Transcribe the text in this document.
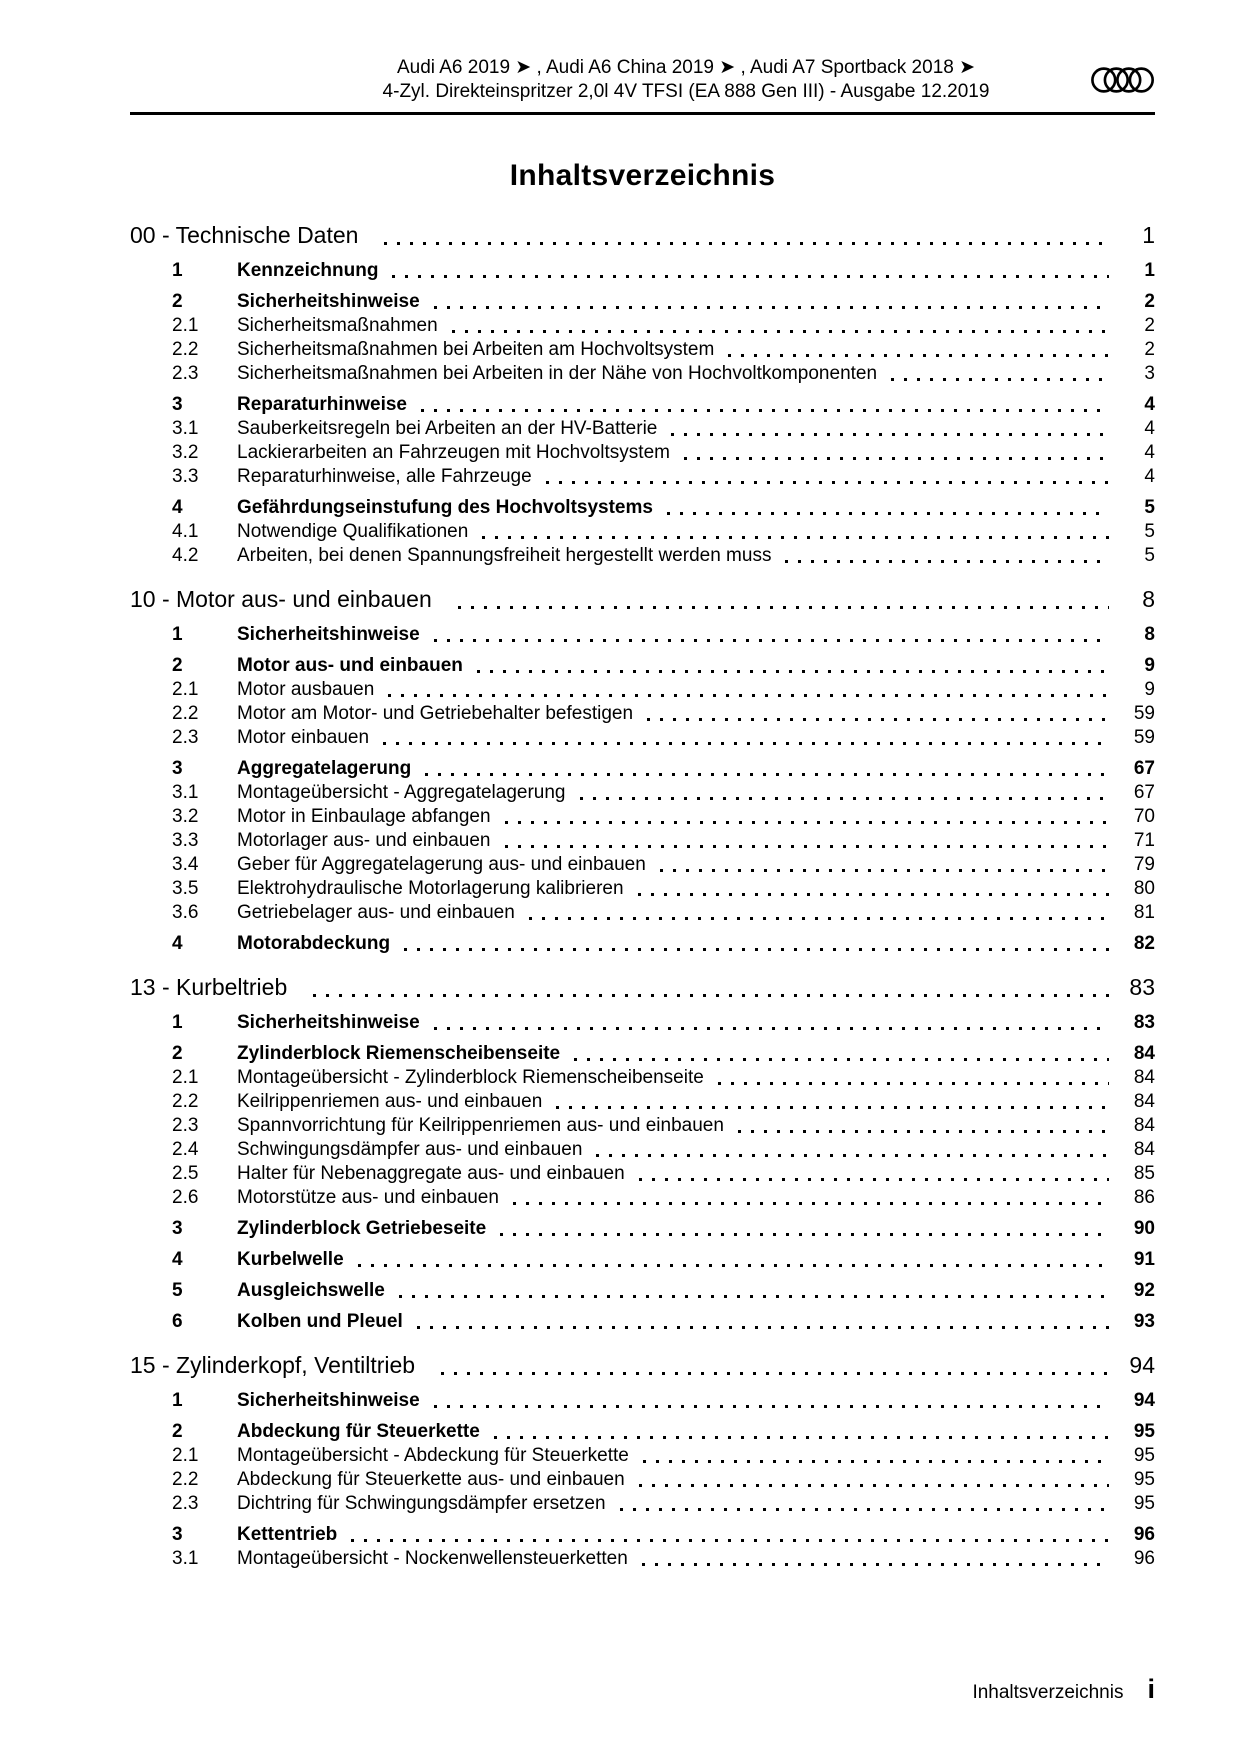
Audi A6 2019 ➤ , Audi A6 China 2019 ➤ , Audi A7 Sportback 2018 ➤
4-Zyl. Direkteinspritzer 2,0l 4V TFSI (EA 888 Gen III) - Ausgabe 12.2019
Inhaltsverzeichnis
00 - Technische Daten	1
1	Kennzeichnung	1
2	Sicherheitshinweise	2
2.1	Sicherheitsmaßnahmen	2
2.2	Sicherheitsmaßnahmen bei Arbeiten am Hochvoltsystem	2
2.3	Sicherheitsmaßnahmen bei Arbeiten in der Nähe von Hochvoltkomponenten	3
3	Reparaturhinweise	4
3.1	Sauberkeitsregeln bei Arbeiten an der HV-Batterie	4
3.2	Lackierarbeiten an Fahrzeugen mit Hochvoltsystem	4
3.3	Reparaturhinweise, alle Fahrzeuge	4
4	Gefährdungseinstufung des Hochvoltsystems	5
4.1	Notwendige Qualifikationen	5
4.2	Arbeiten, bei denen Spannungsfreiheit hergestellt werden muss	5
10 - Motor aus- und einbauen	8
1	Sicherheitshinweise	8
2	Motor aus- und einbauen	9
2.1	Motor ausbauen	9
2.2	Motor am Motor- und Getriebehalter befestigen	59
2.3	Motor einbauen	59
3	Aggregatelagerung	67
3.1	Montageübersicht - Aggregatelagerung	67
3.2	Motor in Einbaulage abfangen	70
3.3	Motorlager aus- und einbauen	71
3.4	Geber für Aggregatelagerung aus- und einbauen	79
3.5	Elektrohydraulische Motorlagerung kalibrieren	80
3.6	Getriebelager aus- und einbauen	81
4	Motorabdeckung	82
13 - Kurbeltrieb	83
1	Sicherheitshinweise	83
2	Zylinderblock Riemenscheibenseite	84
2.1	Montageübersicht - Zylinderblock Riemenscheibenseite	84
2.2	Keilrippenriemen aus- und einbauen	84
2.3	Spannvorrichtung für Keilrippenriemen aus- und einbauen	84
2.4	Schwingungsdämpfer aus- und einbauen	84
2.5	Halter für Nebenaggregate aus- und einbauen	85
2.6	Motorstütze aus- und einbauen	86
3	Zylinderblock Getriebeseite	90
4	Kurbelwelle	91
5	Ausgleichswelle	92
6	Kolben und Pleuel	93
15 - Zylinderkopf, Ventiltrieb	94
1	Sicherheitshinweise	94
2	Abdeckung für Steuerkette	95
2.1	Montageübersicht - Abdeckung für Steuerkette	95
2.2	Abdeckung für Steuerkette aus- und einbauen	95
2.3	Dichtring für Schwingungsdämpfer ersetzen	95
3	Kettentrieb	96
3.1	Montageübersicht - Nockenwellensteuerketten	96
Inhaltsverzeichnis i
